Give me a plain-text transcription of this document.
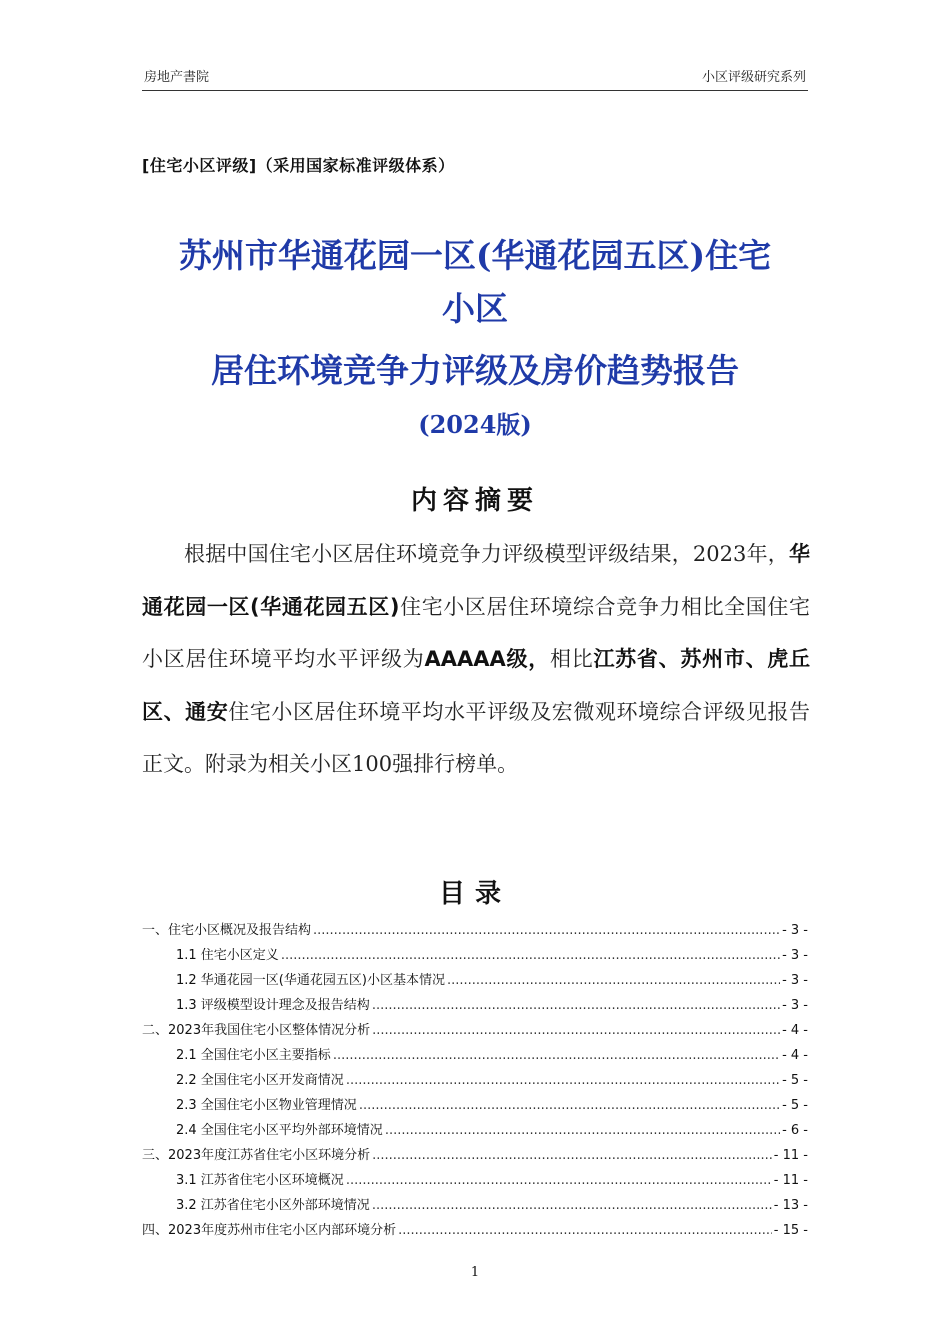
房地产書院	小区评级研究系列
[住宅小区评级]（采用国家标准评级体系）
苏州市华通花园一区(华通花园五区)住宅
小区
居住环境竞争力评级及房价趋势报告
(2024版)
内容摘要
根据中国住宅小区居住环境竞争力评级模型评级结果，2023年，华通花园一区(华通花园五区)住宅小区居住环境综合竞争力相比全国住宅小区居住环境平均水平评级为AAAAA级，相比江苏省、苏州市、虎丘区、通安住宅小区居住环境平均水平评级及宏微观环境综合评级见报告正文。附录为相关小区100强排行榜单。
目录
一、住宅小区概况及报告结构 .....	- 3 -
1.1 住宅小区定义 .....	- 3 -
1.2 华通花园一区(华通花园五区)小区基本情况 .....	- 3 -
1.3 评级模型设计理念及报告结构 .....	- 3 -
二、2023年我国住宅小区整体情况分析 .....	- 4 -
2.1 全国住宅小区主要指标 .....	- 4 -
2.2 全国住宅小区开发商情况 .....	- 5 -
2.3 全国住宅小区物业管理情况 .....	- 5 -
2.4 全国住宅小区平均外部环境情况 .....	- 6 -
三、2023年度江苏省住宅小区环境分析 .....	- 11 -
3.1 江苏省住宅小区环境概况 .....	- 11 -
3.2 江苏省住宅小区外部环境情况 .....	- 13 -
四、2023年度苏州市住宅小区内部环境分析 .....	- 15 -
1
